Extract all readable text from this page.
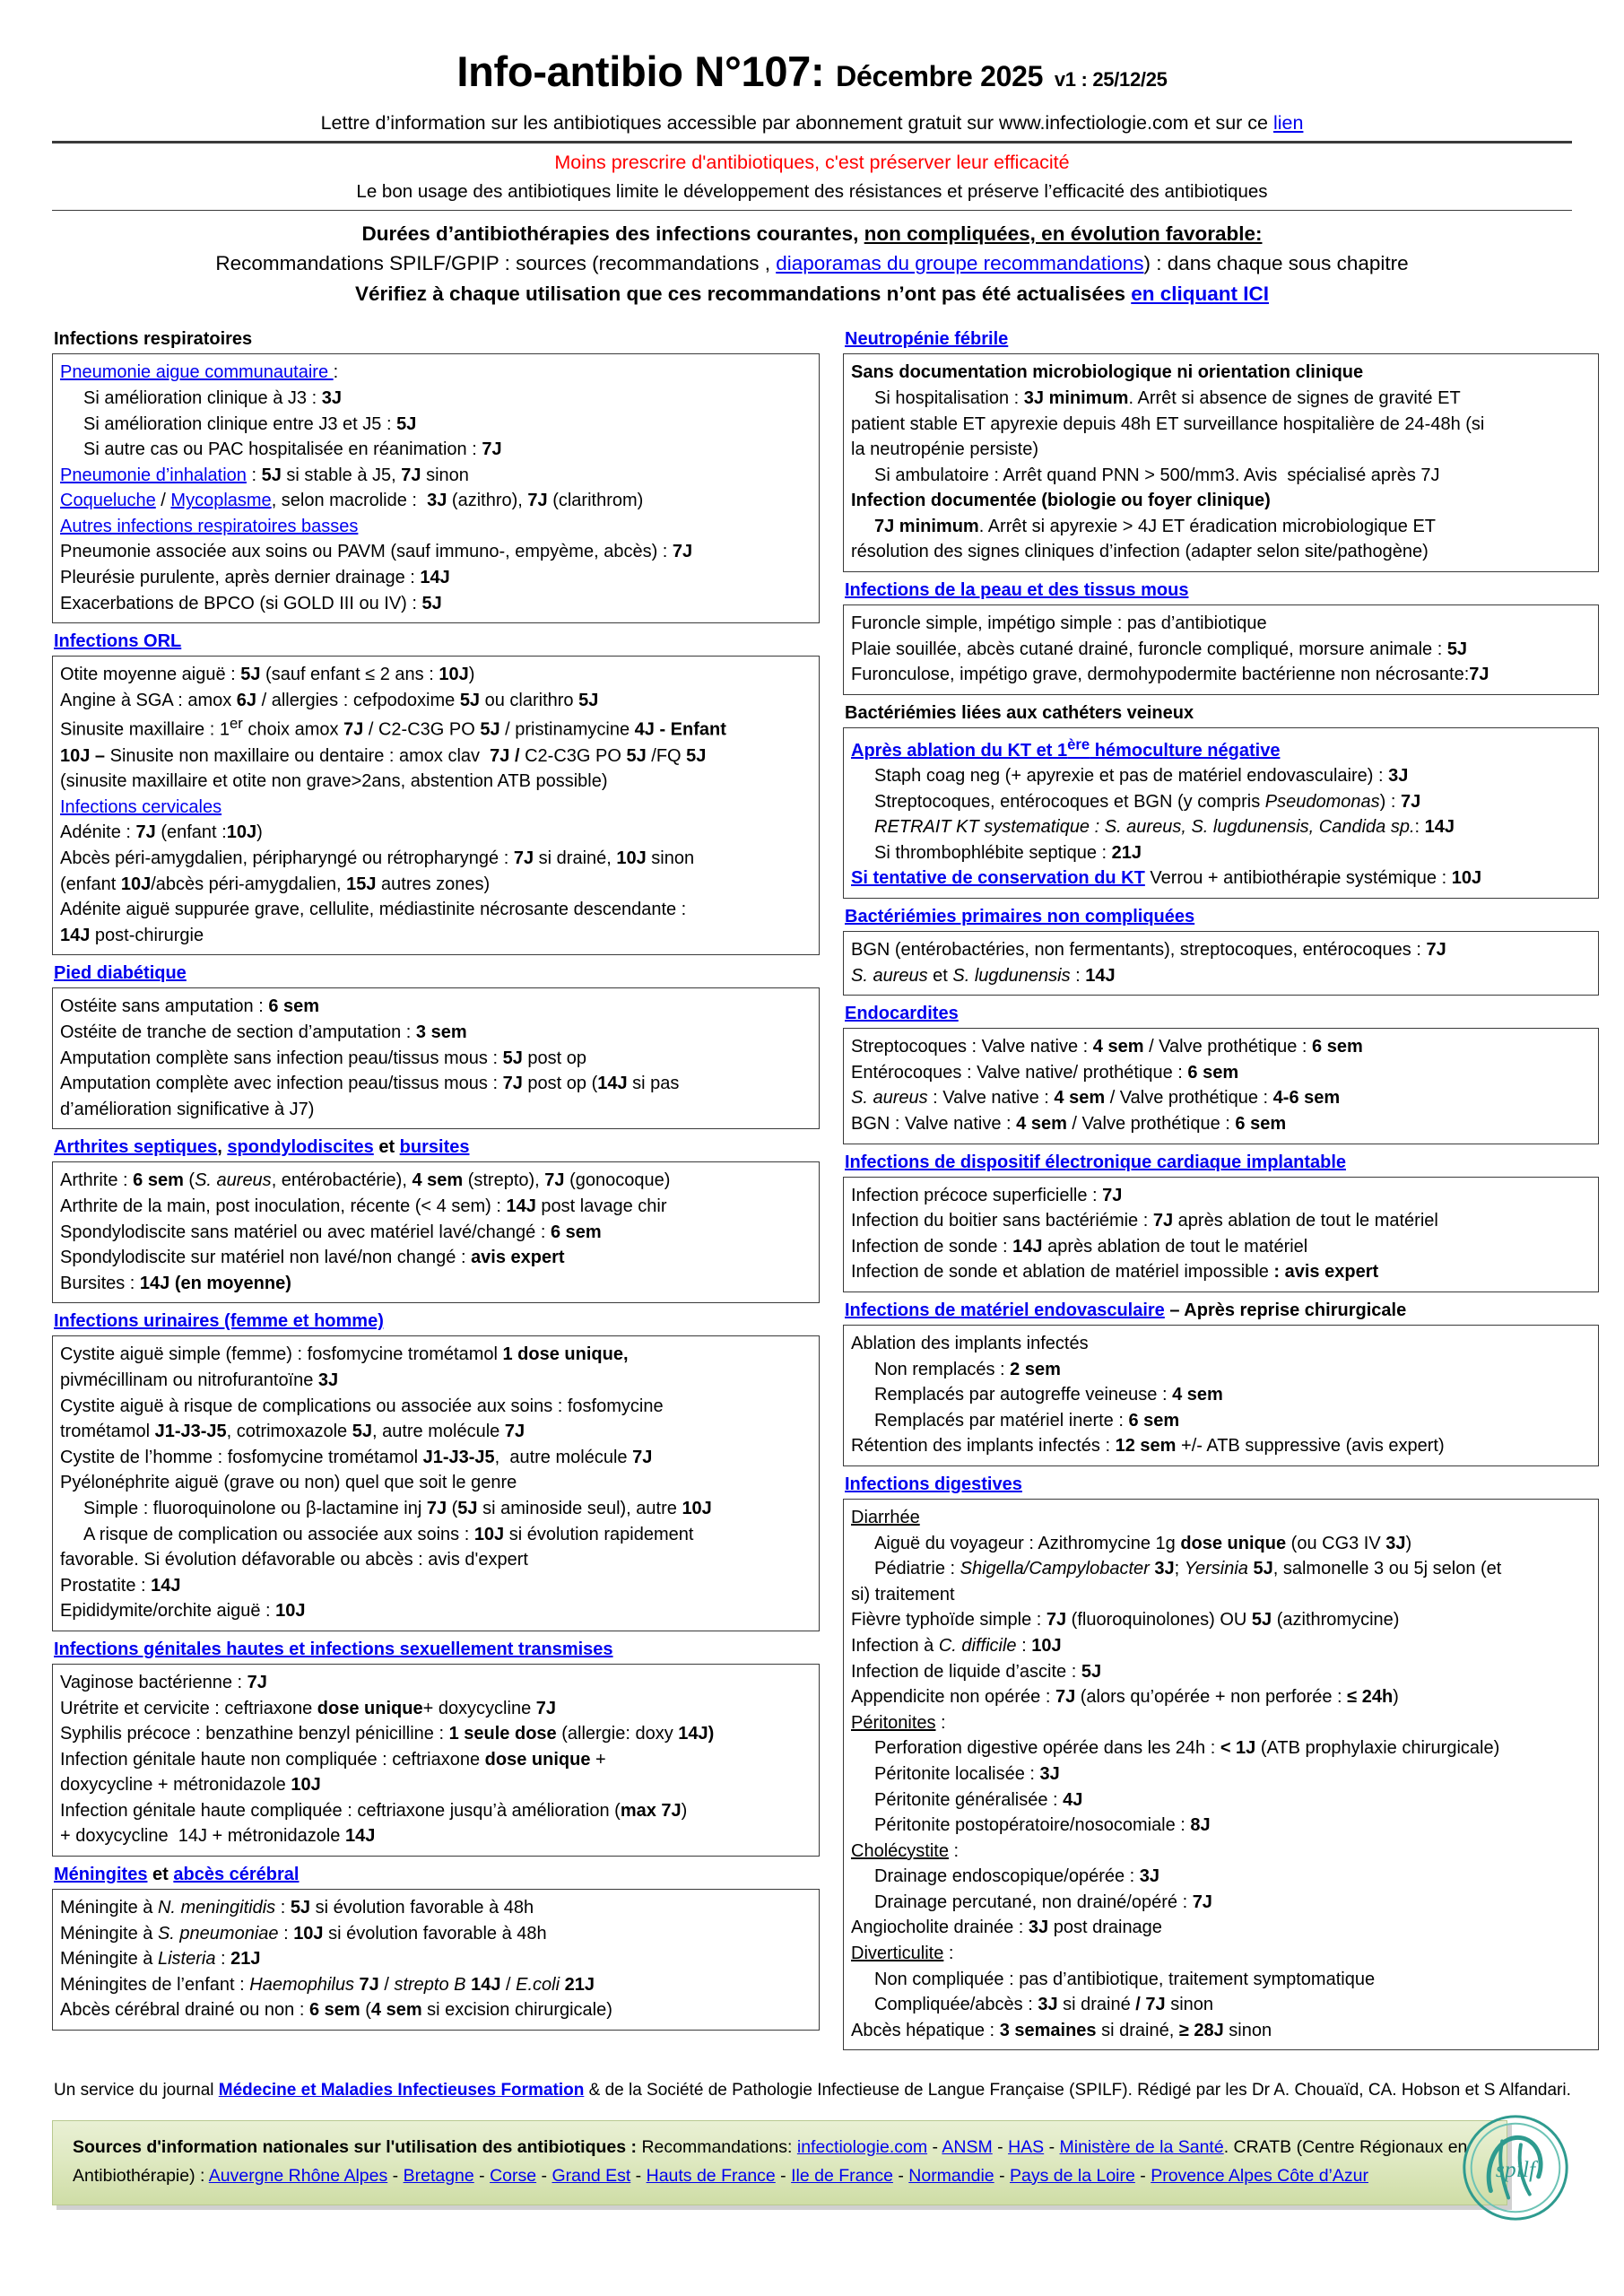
Info-antibio N°107: Décembre 2025 v1 : 25/12/25
Lettre d’information sur les antibiotiques accessible par abonnement gratuit sur www.infectiologie.com et sur ce lien
Moins prescrire d'antibiotiques, c'est préserver leur efficacité
Le bon usage des antibiotiques limite le développement des résistances et préserve l’efficacité des antibiotiques
Durées d’antibiothérapies des infections courantes, non compliquées, en évolution favorable:
Recommandations SPILF/GPIP : sources (recommandations , diaporamas du groupe recommandations) : dans chaque sous chapitre
Vérifiez à chaque utilisation que ces recommandations n’ont pas été actualisées en cliquant ICI
Infections respiratoires

Pneumonie aigue communautaire :

Si amélioration clinique à J3 : 3J

Si amélioration clinique entre J3 et J5 : 5J

Si autre cas ou PAC hospitalisée en réanimation : 7J

Pneumonie d’inhalation : 5J si stable à J5, 7J sinon

Coqueluche / Mycoplasme, selon macrolide :  3J (azithro), 7J (clarithrom)

Autres infections respiratoires basses

Pneumonie associée aux soins ou PAVM (sauf immuno-, empyème, abcès) : 7J

Pleurésie purulente, après dernier drainage : 14J

Exacerbations de BPCO (si GOLD III ou IV) : 5J

Infections ORL

Otite moyenne aiguë : 5J (sauf enfant ≤ 2 ans : 10J)

Angine à SGA : amox 6J / allergies : cefpodoxime 5J ou clarithro 5J

Sinusite maxillaire : 1er choix amox 7J / C2-C3G PO 5J / pristinamycine 4J - Enfant

10J – Sinusite non maxillaire ou dentaire : amox clav  7J / C2-C3G PO 5J /FQ 5J

(sinusite maxillaire et otite non grave>2ans, abstention ATB possible)

Infections cervicales

Adénite : 7J (enfant :10J)

Abcès péri-amygdalien, péripharyngé ou rétropharyngé : 7J si drainé, 10J sinon

(enfant 10J/abcès péri-amygdalien, 15J autres zones)

Adénite aiguë suppurée grave, cellulite, médiastinite nécrosante descendante :

14J post-chirurgie

Pied diabétique

Ostéite sans amputation : 6 sem

Ostéite de tranche de section d’amputation : 3 sem

Amputation complète sans infection peau/tissus mous : 5J post op

Amputation complète avec infection peau/tissus mous : 7J post op (14J si pas

d’amélioration significative à J7)

Arthrites septiques, spondylodiscites et bursites

Arthrite : 6 sem (S. aureus, entérobactérie), 4 sem (strepto), 7J (gonocoque)

Arthrite de la main, post inoculation, récente (< 4 sem) : 14J post lavage chir

Spondylodiscite sans matériel ou avec matériel lavé/changé : 6 sem

Spondylodiscite sur matériel non lavé/non changé : avis expert

Bursites : 14J (en moyenne)

Infections urinaires (femme et homme)

Cystite aiguë simple (femme) : fosfomycine trométamol 1 dose unique,

pivmécillinam ou nitrofurantoïne 3J

Cystite aiguë à risque de complications ou associée aux soins : fosfomycine

trométamol J1-J3-J5, cotrimoxazole 5J, autre molécule 7J

Cystite de l’homme : fosfomycine trométamol J1-J3-J5,  autre molécule 7J

Pyélonéphrite aiguë (grave ou non) quel que soit le genre

Simple : fluoroquinolone ou β-lactamine inj 7J (5J si aminoside seul), autre 10J

A risque de complication ou associée aux soins : 10J si évolution rapidement

favorable. Si évolution défavorable ou abcès : avis d'expert

Prostatite : 14J

Epididymite/orchite aiguë : 10J

Infections génitales hautes et infections sexuellement transmises

Vaginose bactérienne : 7J

Urétrite et cervicite : ceftriaxone dose unique+ doxycycline 7J

Syphilis précoce : benzathine benzyl pénicilline : 1 seule dose (allergie: doxy 14J)

Infection génitale haute non compliquée : ceftriaxone dose unique +

doxycycline + métronidazole 10J

Infection génitale haute compliquée : ceftriaxone jusqu’à amélioration (max 7J)

+ doxycycline  14J + métronidazole 14J

Méningites et abcès cérébral

Méningite à N. meningitidis : 5J si évolution favorable à 48h

Méningite à S. pneumoniae : 10J si évolution favorable à 48h

Méningite à Listeria : 21J

Méningites de l’enfant : Haemophilus 7J / strepto B 14J / E.coli 21J

Abcès cérébral drainé ou non : 6 sem (4 sem si excision chirurgicale)

Neutropénie fébrile

Sans documentation microbiologique ni orientation clinique

Si hospitalisation : 3J minimum. Arrêt si absence de signes de gravité ET

patient stable ET apyrexie depuis 48h ET surveillance hospitalière de 24-48h (si

la neutropénie persiste)

Si ambulatoire : Arrêt quand PNN > 500/mm3. Avis  spécialisé après 7J

Infection documentée (biologie ou foyer clinique)

7J minimum. Arrêt si apyrexie > 4J ET éradication microbiologique ET

résolution des signes cliniques d’infection (adapter selon site/pathogène)

Infections de la peau et des tissus mous

Furoncle simple, impétigo simple : pas d’antibiotique

Plaie souillée, abcès cutané drainé, furoncle compliqué, morsure animale : 5J

Furonculose, impétigo grave, dermohypodermite bactérienne non nécrosante:7J

Bactériémies liées aux cathéters veineux

Après ablation du KT et 1ère hémoculture négative

Staph coag neg (+ apyrexie et pas de matériel endovasculaire) : 3J

Streptocoques, entérocoques et BGN (y compris Pseudomonas) : 7J

RETRAIT KT systematique : S. aureus, S. lugdunensis, Candida sp.: 14J

Si thrombophlébite septique : 21J

Si tentative de conservation du KT Verrou + antibiothérapie systémique : 10J

Bactériémies primaires non compliquées

BGN (entérobactéries, non fermentants), streptocoques, entérocoques : 7J

S. aureus et S. lugdunensis : 14J

Endocardites

Streptocoques : Valve native : 4 sem / Valve prothétique : 6 sem

Entérocoques : Valve native/ prothétique : 6 sem

S. aureus : Valve native : 4 sem / Valve prothétique : 4-6 sem

BGN : Valve native : 4 sem / Valve prothétique : 6 sem

Infections de dispositif électronique cardiaque implantable

Infection précoce superficielle : 7J

Infection du boitier sans bactériémie : 7J après ablation de tout le matériel

Infection de sonde : 14J après ablation de tout le matériel

Infection de sonde et ablation de matériel impossible : avis expert

Infections de matériel endovasculaire – Après reprise chirurgicale

Ablation des implants infectés

Non remplacés : 2 sem

Remplacés par autogreffe veineuse : 4 sem

Remplacés par matériel inerte : 6 sem

Rétention des implants infectés : 12 sem +/- ATB suppressive (avis expert)

Infections digestives

Diarrhée

Aiguë du voyageur : Azithromycine 1g dose unique (ou CG3 IV 3J)

Pédiatrie : Shigella/Campylobacter 3J; Yersinia 5J, salmonelle 3 ou 5j selon (et

si) traitement

Fièvre typhoïde simple : 7J (fluoroquinolones) OU 5J (azithromycine)

Infection à C. difficile : 10J

Infection de liquide d’ascite : 5J

Appendicite non opérée : 7J (alors qu’opérée + non perforée : ≤ 24h)

Péritonites :

Perforation digestive opérée dans les 24h : < 1J (ATB prophylaxie chirurgicale)

Péritonite localisée : 3J

Péritonite généralisée : 4J

Péritonite postopératoire/nosocomiale : 8J

Cholécystite :

Drainage endoscopique/opérée : 3J

Drainage percutané, non drainé/opéré : 7J

Angiocholite drainée : 3J post drainage

Diverticulite :

Non compliquée : pas d’antibiotique, traitement symptomatique

Compliquée/abcès : 3J si drainé / 7J sinon

Abcès hépatique : 3 semaines si drainé, ≥ 28J sinon

Un service du journal Médecine et Maladies Infectieuses Formation & de la Société de Pathologie Infectieuse de Langue Française (SPILF). Rédigé par les Dr A. Chouaïd, CA. Hobson et S Alfandari.
Sources d'information nationales sur l'utilisation des antibiotiques : Recommandations: infectiologie.com - ANSM - HAS - Ministère de la Santé. CRATB (Centre Régionaux en Antibiothérapie) : Auvergne Rhône Alpes - Bretagne - Corse - Grand Est - Hauts de France - Ile de France - Normandie - Pays de la Loire - Provence Alpes Côte d’Azur	spilf
